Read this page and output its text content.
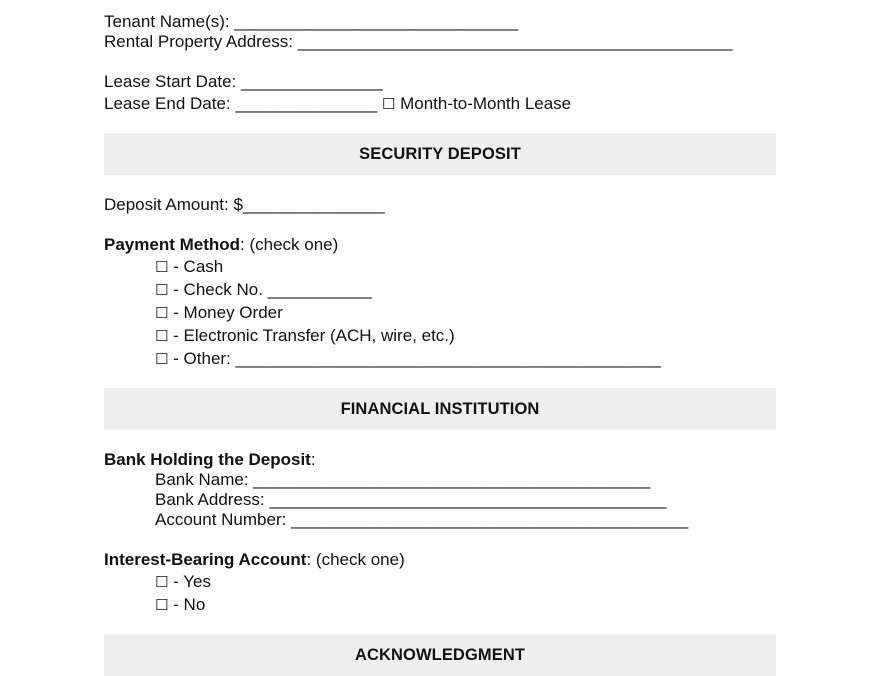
Tenant Name(s): ______________________________
Rental Property Address: ______________________________________________
Lease Start Date: _______________
Lease End Date: _______________ ☐ Month-to-Month Lease
SECURITY DEPOSIT
Deposit Amount: $_______________
Payment Method: (check one)
☐ - Cash
☐ - Check No. ___________
☐ - Money Order
☐ - Electronic Transfer (ACH, wire, etc.)
☐ - Other: _____________________________________________
FINANCIAL INSTITUTION
Bank Holding the Deposit:
Bank Name: __________________________________________
Bank Address: __________________________________________
Account Number: __________________________________________
Interest-Bearing Account: (check one)
☐ - Yes
☐ - No
ACKNOWLEDGMENT
